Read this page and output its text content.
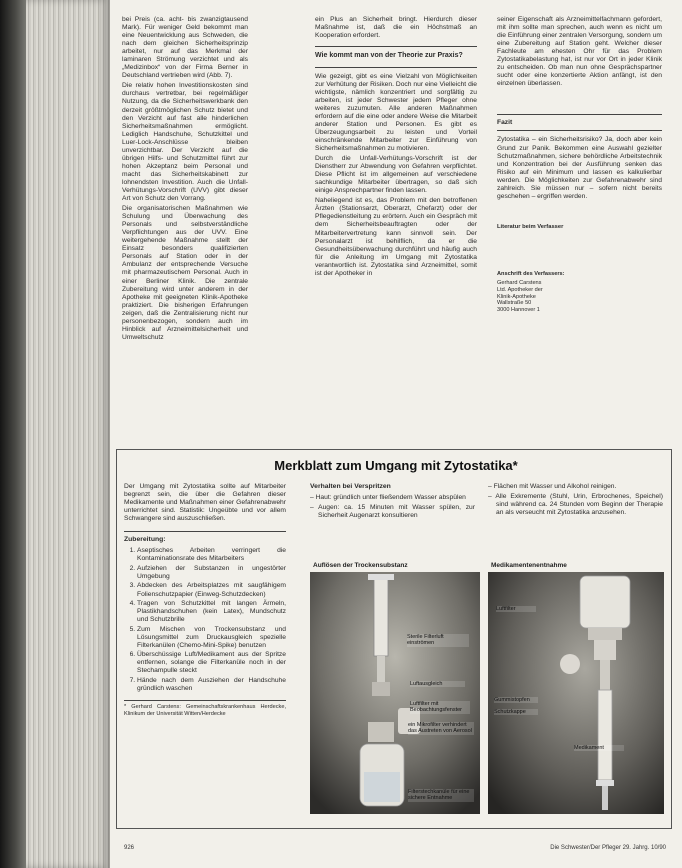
bei Preis (ca. acht- bis zwanzigtausend Mark). Für weniger Geld bekommt man eine Neuentwicklung aus Schweden, die nach dem gleichen Sicherheitsprinzip arbeitet, nur auf das Merkmal der laminaren Strömung verzichtet und als „Medizinbox“ von der Firma Berner in Deutschland vertrieben wird (Abb. 7).

Die relativ hohen Investitionskosten sind durchaus vertretbar, bei regelmäßiger Nutzung, da die Sicherheitswerkbank den derzeit größtmöglichen Schutz bietet und den Verzicht auf fast alle hinderlichen Sicherheitsmaßnahmen ermöglicht. Lediglich Handschuhe, Schutzkittel und Luer-Lock-Anschlüsse bleiben unverzichtbar. Der Verzicht auf die übrigen Hilfs- und Schutzmittel führt zur hohen Akzeptanz beim Personal und macht das Sicherheitskabinett zur lohnendsten Investition. Auch die Unfall-Verhütungs-Vorschrift (UVV) gibt dieser Art von Schutz den Vorrang.

Die organisatorischen Maßnahmen wie Schulung und Überwachung des Personals und selbstverständliche Verpflichtungen aus der UVV. Eine weitergehende Maßnahme stellt der Einsatz besonders qualifizierten Personals auf Station oder in der Ambulanz der entsprechende Versuche mit pharmazeutischem Personal. Auch in einer Berliner Klinik. Die zentrale Zubereitung wird unter anderem in der Apotheke mit geeigneten Klinik-Apotheke praktiziert. Die bisherigen Erfahrungen zeigen, daß die Zentralisierung nicht nur personenbezogen, sondern auch im Hinblick auf Arzneimittelsicherheit und Umweltschutz

ein Plus an Sicherheit bringt. Hierdurch dieser Maßnahme ist, daß die ein Höchstmaß an Kooperation erfordert.

Wie kommt man von der Theorie zur Praxis?

Wie gezeigt, gibt es eine Vielzahl von Möglichkeiten zur Verhütung der Risiken. Doch nur eine Vielleicht die wichtigste, nämlich konzentriert und sorgfältig zu arbeiten, ist jeder Schwester jedem Pfleger ohne weiteres zuzumuten. Alle anderen Maßnahmen erfordern auf die eine oder andere Weise die Mitarbeit anderer Station und Personen. Es gibt es Überzeugungsarbeit zu leisten und Vorteil einschränkende Mitarbeiter zur Einführung von Sicherheitsmaßnahmen zu motivieren.

Durch die Unfall-Verhütungs-Vorschrift ist der Dienstherr zur Abwendung von Gefahren verpflichtet. Diese Pflicht ist im allgemeinen auf verschiedene sachkundige Mitarbeiter übertragen, so daß sich einige Ansprechpartner finden lassen.

Naheliegend ist es, das Problem mit den betroffenen Ärzten (Stationsarzt, Oberarzt, Chefarzt) oder der Pflegedienstleitung zu erörtern. Auch ein Gespräch mit dem Sicherheitsbeauftragten oder der Mitarbeitervertretung kann sinnvoll sein. Der Personalarzt ist behilflich, da er die Gesundheitsüberwachung durchführt und häufig auch für die Anleitung im Umgang mit Zytostatika verantwortlich ist. Zytostatika sind Arzneimittel, somit ist der Apotheker in

seiner Eigenschaft als Arzneimittelfachmann gefordert, mit ihm sollte man sprechen, auch wenn es nicht um die Einführung einer zentralen Versorgung, sondern um eine Zubereitung auf Station geht. Welcher dieser Fachleute am ehesten Ohr für das Problem Zytostatikabelastung hat, ist nur vor Ort in jeder Klinik zu entscheiden. Ob man nun ohne Gesprächspartner sucht oder eine konzertierte Aktion anfängt, ist den einzelnen überlassen.

Fazit

Zytostatika – ein Sicherheitsrisiko? Ja, doch aber kein Grund zur Panik. Bekommen eine Auswahl gezielter Schutzmaßnahmen, sichere behördliche Arbeitstechnik und Konzentration bei der Ausführung senken das Risiko auf ein Minimum und lassen es kalkulierbar werden. Die Möglichkeiten zur Gefahrenabwehr sind zahlreich. Sie müssen nur – sofern nicht bereits geschehen – ergriffen werden.

Literatur beim Verfasser

Anschrift des Verfassers:
Gerhard Carstens
Ltd. Apotheker der
Klinik-Apotheke
Wallstraße 50
3000 Hannover 1
Merkblatt zum Umgang mit Zytostatika*

Der Umgang mit Zytostatika sollte auf Mitarbeiter begrenzt sein, die über die Gefahren dieser Medikamente und Maßnahmen einer Gefahrenabwehr unterrichtet sind. Statistik: Ungeübte und vor allem Schwangere sind auszuschließen.

Zubereitung:
1. Aseptisches Arbeiten verringert die Kontaminationsrate des Mitarbeiters
2. Aufziehen der Substanzen in ungestörter Umgebung
3. Abdecken des Arbeitsplatzes mit saugfähigem Folienschutzpapier (Einweg-Schutzdecken)
4. Tragen von Schutzkittel mit langen Ärmeln, Plastikhandschuhen (kein Latex), Mundschutz und Schutzbrille
5. Zum Mischen von Trockensubstanz und Lösungsmittel zum Druckausgleich spezielle Filterkanülen (Chemo-Mini-Spike) benutzen
6. Überschüssige Luft/Medikament aus der Spritze entfernen, solange die Filterkanüle noch in der Stechampulle steckt
7. Hände nach dem Ausziehen der Handschuhe gründlich waschen

* Gerhard Carstens: Gemeinschaftskrankenhaus Herdecke, Klinikum der Universität Witten/Herdecke

Verhalten bei Verspritzen
– Haut: gründlich unter fließendem Wasser abspülen
– Augen: ca. 15 Minuten mit Wasser spülen, zur Sicherheit Augenarzt konsultieren
– Flächen mit Wasser und Alkohol reinigen.
– Alle Exkremente (Stuhl, Urin, Erbrochenes, Speichel) sind während ca. 24 Stunden vom Beginn der Therapie an als verseucht mit Zytostatika anzusehen.
Auflösen der Trockensubstanz
Sterile Filterluft einströmen
Luftausgleich
Luftfilter mit Beobachtungsfenster
ein Mikrofilter verhindert das Austreten von Aerosol
Filterstechkanüle für eine sichere Entnahme
Medikamentenentnahme
Luftfilter
Gummistopfen
Schutzkappe
Medikament
926	Die Schwester/Der Pfleger 29. Jahrg. 10/90
